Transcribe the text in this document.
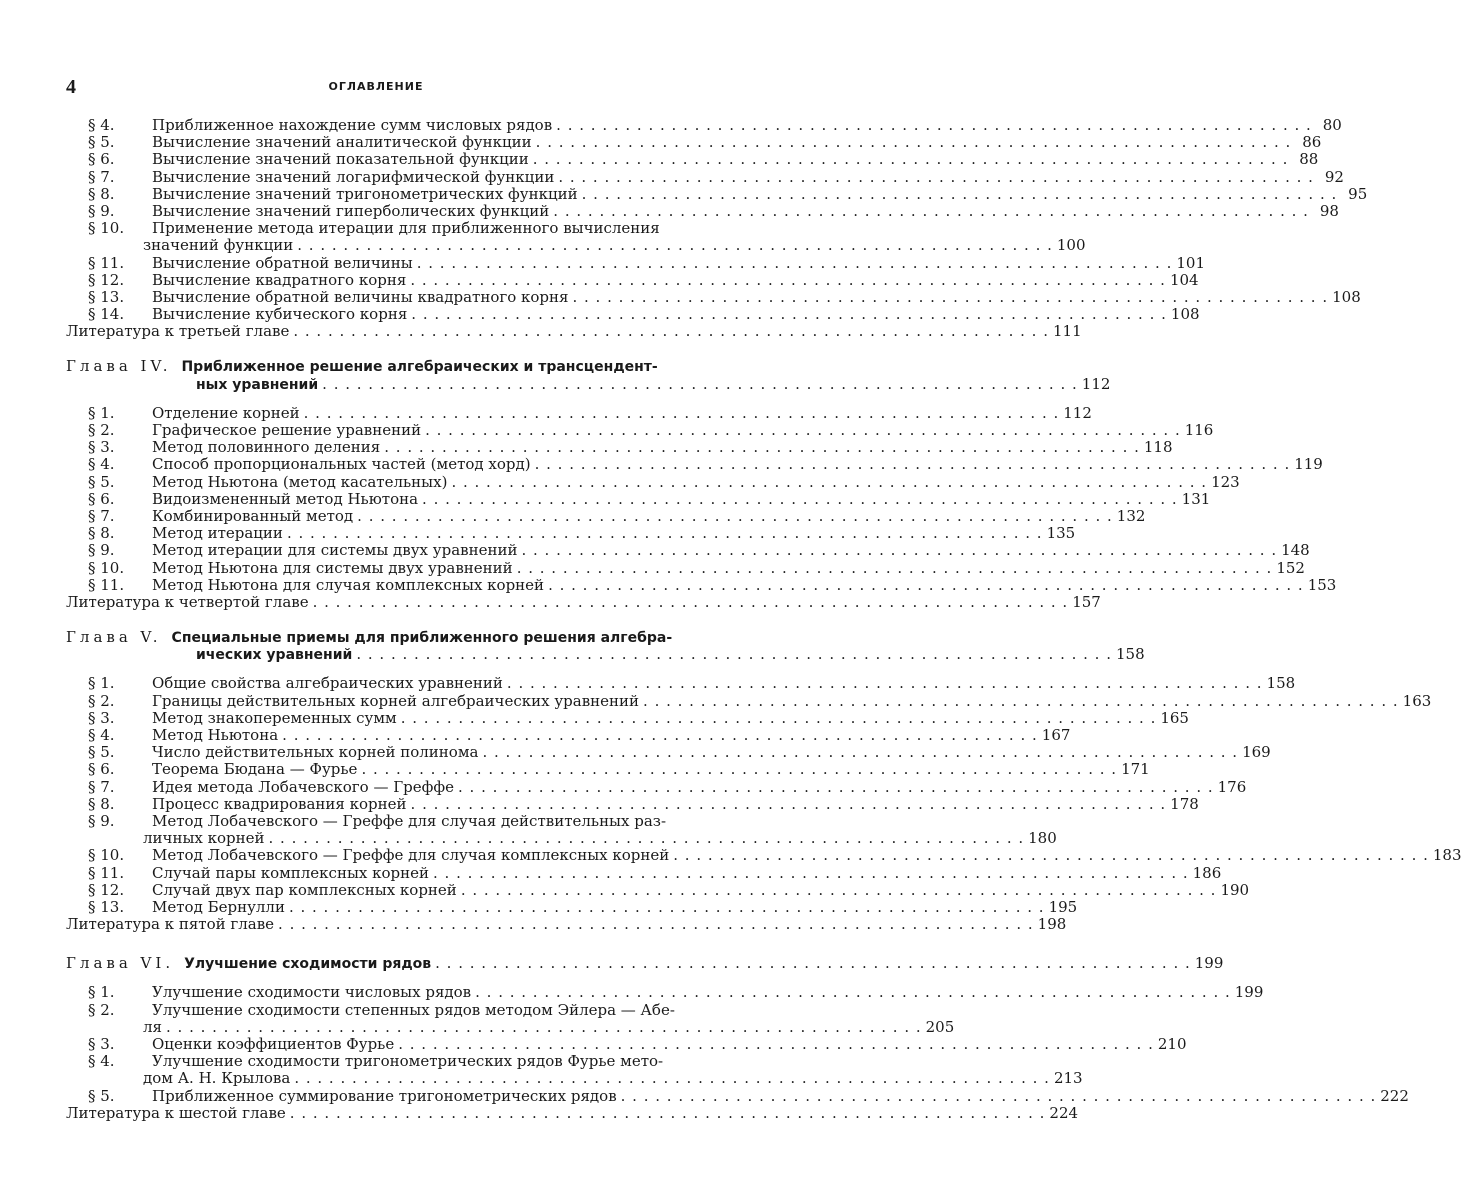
4	ОГЛАВЛЕНИЕ
§ 4.	Приближенное нахождение сумм числовых рядов . . .	80
§ 5.	Вычисление значений аналитической функции . . .	86
§ 6.	Вычисление значений показательной функции . . .	88
§ 7.	Вычисление значений логарифмической функции . . .	92
§ 8.	Вычисление значений тригонометрических функций . . .	95
§ 9.	Вычисление значений гиперболических функций . . .	98
§ 10.	Применение метода итерации для приближенного вычисления
значений функции . . .	100
§ 11.	Вычисление обратной величины . . .	101
§ 12.	Вычисление квадратного корня . . .	104
§ 13.	Вычисление обратной величины квадратного корня . . .	108
§ 14.	Вычисление кубического корня . . .	108
Литература к третьей главе . . .	111
Глава IV. Приближенное решение алгебраических и трансцендент-
ных уравнений . . .	112
§ 1.	Отделение корней . . .	112
§ 2.	Графическое решение уравнений . . .	116
§ 3.	Метод половинного деления . . .	118
§ 4.	Способ пропорциональных частей (метод хорд) . . .	119
§ 5.	Метод Ньютона (метод касательных) . . .	123
§ 6.	Видоизмененный метод Ньютона . . .	131
§ 7.	Комбинированный метод . . .	132
§ 8.	Метод итерации . . .	135
§ 9.	Метод итерации для системы двух уравнений . . .	148
§ 10.	Метод Ньютона для системы двух уравнений . . .	152
§ 11.	Метод Ньютона для случая комплексных корней . . .	153
Литература к четвертой главе . . .	157
Глава V. Специальные приемы для приближенного решения алгебра-
ических уравнений . . .	158
§ 1.	Общие свойства алгебраических уравнений . . .	158
§ 2.	Границы действительных корней алгебраических уравнений . . .	163
§ 3.	Метод знакопеременных сумм . . .	165
§ 4.	Метод Ньютона . . .	167
§ 5.	Число действительных корней полинома . . .	169
§ 6.	Теорема Бюдана — Фурье . . .	171
§ 7.	Идея метода Лобачевского — Греффе . . .	176
§ 8.	Процесс квадрирования корней . . .	178
§ 9.	Метод Лобачевского — Греффе для случая действительных раз-
личных корней . . .	180
§ 10.	Метод Лобачевского — Греффе для случая комплексных корней . . .	183
§ 11.	Случай пары комплексных корней . . .	186
§ 12.	Случай двух пар комплексных корней . . .	190
§ 13.	Метод Бернулли . . .	195
Литература к пятой главе . . .	198
Глава VI. Улучшение сходимости рядов . . .	199
§ 1.	Улучшение сходимости числовых рядов . . .	199
§ 2.	Улучшение сходимости степенных рядов методом Эйлера — Абе-
ля . . .	205
§ 3.	Оценки коэффициентов Фурье . . .	210
§ 4.	Улучшение сходимости тригонометрических рядов Фурье мето-
дом А. Н. Крылова . . .	213
§ 5.	Приближенное суммирование тригонометрических рядов . . .	222
Литература к шестой главе . . .	224
